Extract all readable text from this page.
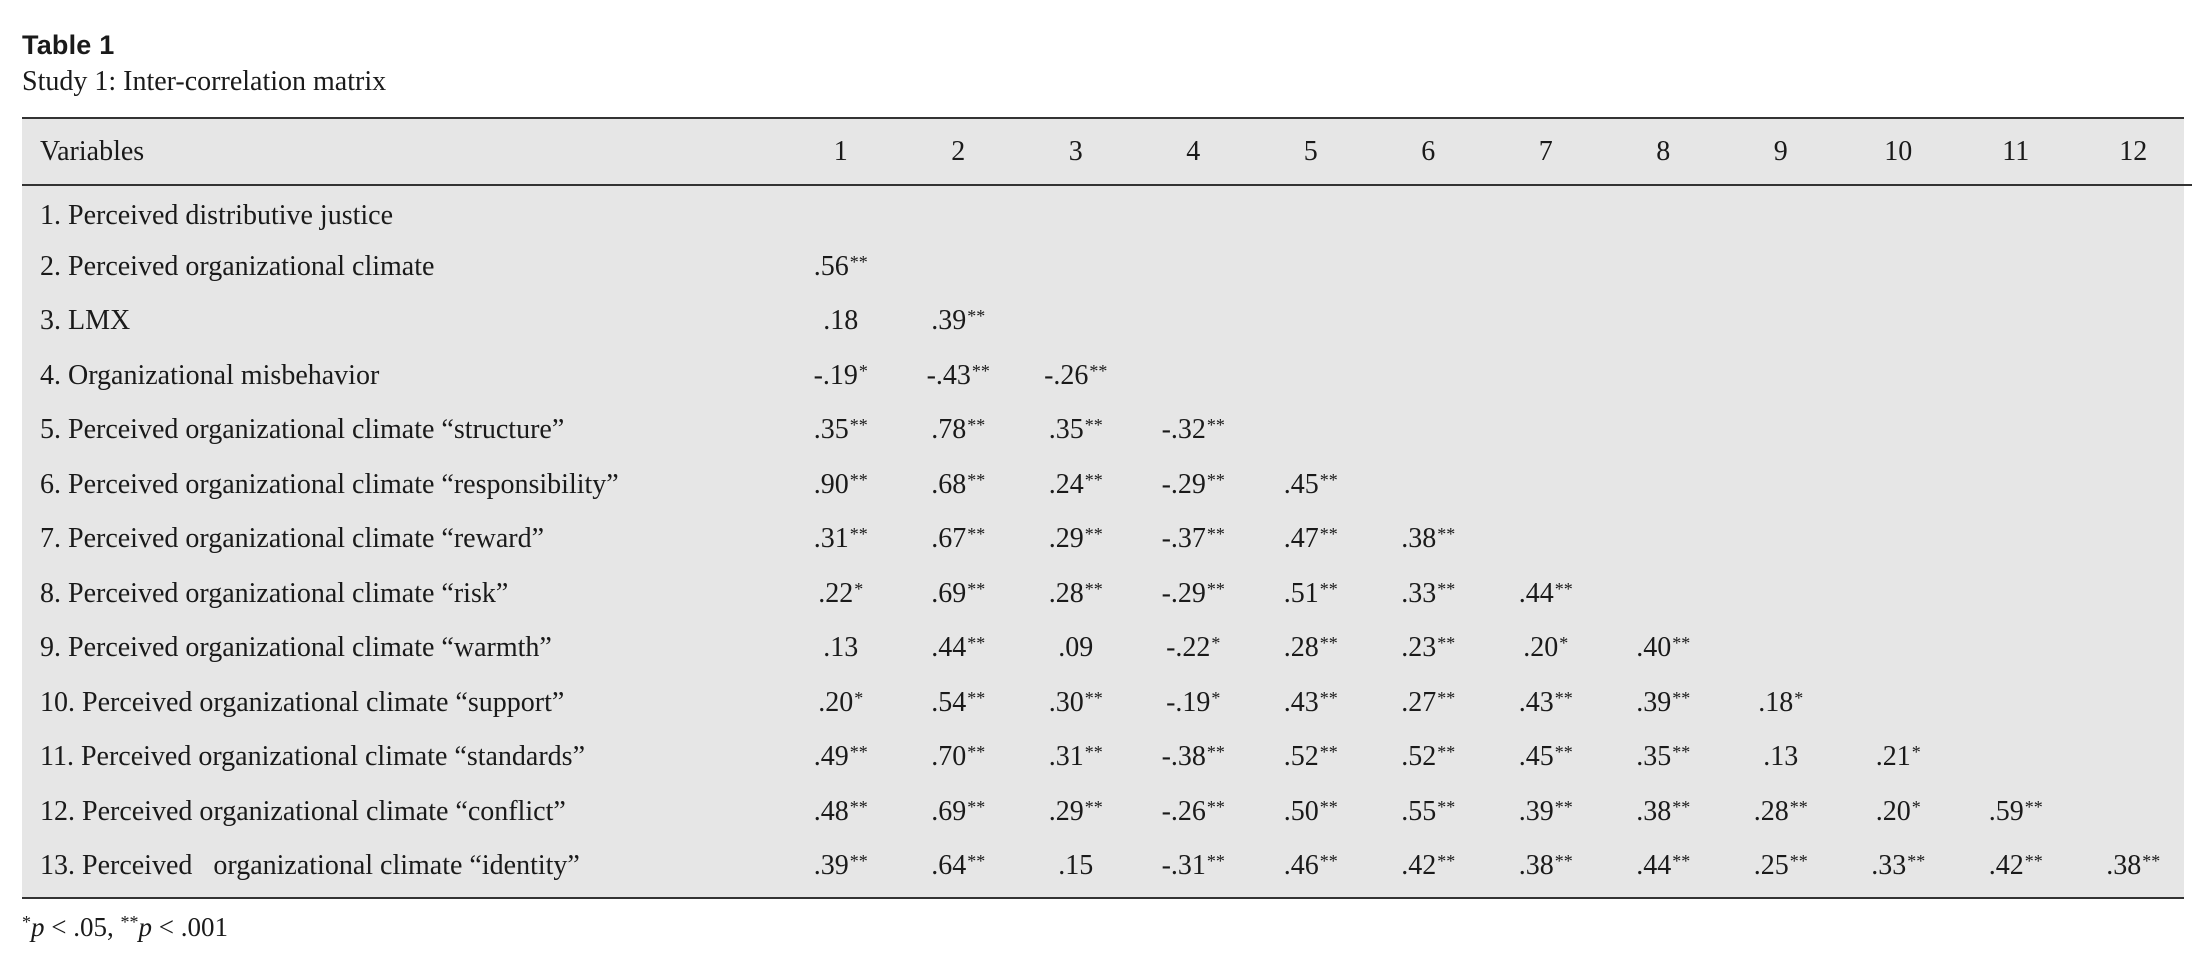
Table 1
Study 1: Inter-correlation matrix
Variables	1	2	3	4	5	6	7	8	9	10	11	12
1. Perceived distributive justice												
2. Perceived organizational climate	.56**											
3. LMX	.18	.39**										
4. Organizational misbehavior	-.19*	-.43**	-.26**									
5. Perceived organizational climate “structure”	.35**	.78**	.35**	-.32**								
6. Perceived organizational climate “responsibility”	.90**	.68**	.24**	-.29**	.45**							
7. Perceived organizational climate “reward”	.31**	.67**	.29**	-.37**	.47**	.38**						
8. Perceived organizational climate “risk”	.22*	.69**	.28**	-.29**	.51**	.33**	.44**					
9. Perceived organizational climate “warmth”	.13	.44**	.09	-.22*	.28**	.23**	.20*	.40**				
10. Perceived organizational climate “support”	.20*	.54**	.30**	-.19*	.43**	.27**	.43**	.39**	.18*			
11. Perceived organizational climate “standards”	.49**	.70**	.31**	-.38**	.52**	.52**	.45**	.35**	.13	.21*		
12. Perceived organizational climate “conflict”	.48**	.69**	.29**	-.26**	.50**	.55**	.39**	.38**	.28**	.20*	.59**	
13. Perceived   organizational climate “identity”	.39**	.64**	.15	-.31**	.46**	.42**	.38**	.44**	.25**	.33**	.42**	.38**
*p < .05, **p < .001
